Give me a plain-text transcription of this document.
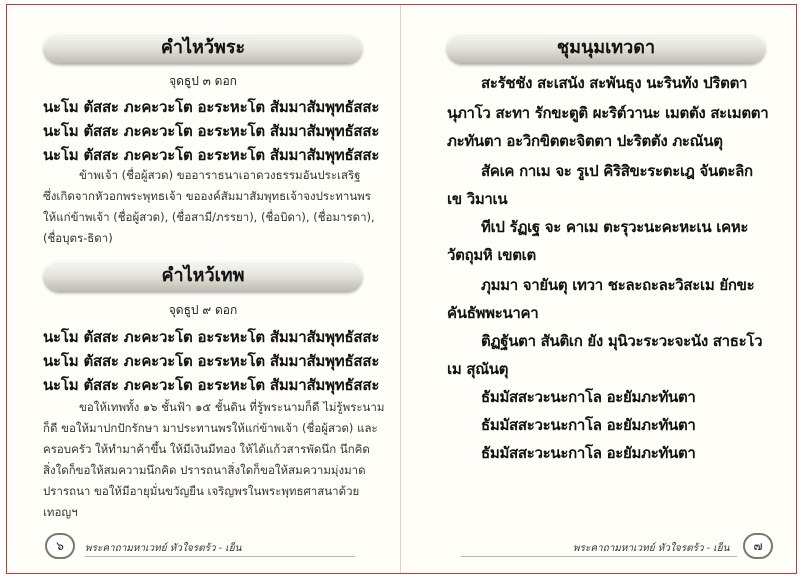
คำไหว้พระ
จุดธูป ๓ ดอก
นะโม ตัสสะ ภะคะวะโต อะระหะโต สัมมาสัมพุทธัสสะ
นะโม ตัสสะ ภะคะวะโต อะระหะโต สัมมาสัมพุทธัสสะ
นะโม ตัสสะ ภะคะวะโต อะระหะโต สัมมาสัมพุทธัสสะ
ข้าพเจ้า (ชื่อผู้สวด) ขออาราธนาเอาดวงธรรมอันประเสริฐ
ซึ่งเกิดจากหัวอกพระพุทธเจ้า ขอองค์สัมมาสัมพุทธเจ้าจงประทานพร
ให้แก่ข้าพเจ้า (ชื่อผู้สวด), (ชื่อสามี/ภรรยา), (ชื่อบิดา), (ชื่อมารดา),
(ชื่อบุตร-ธิดา)
คำไหว้เทพ
จุดธูป ๙ ดอก
นะโม ตัสสะ ภะคะวะโต อะระหะโต สัมมาสัมพุทธัสสะ
นะโม ตัสสะ ภะคะวะโต อะระหะโต สัมมาสัมพุทธัสสะ
นะโม ตัสสะ ภะคะวะโต อะระหะโต สัมมาสัมพุทธัสสะ
ขอให้เทพทั้ง ๑๖ ชั้นฟ้า ๑๕ ชั้นดิน ที่รู้พระนามก็ดี ไม่รู้พระนาม
ก็ดี ขอให้มาปกปักรักษา มาประทานพรให้แก่ข้าพเจ้า (ชื่อผู้สวด) และ
ครอบครัว ให้ทำมาค้าขึ้น ให้มีเงินมีทอง ให้ได้แก้วสารพัดนึก นึกคิด
สิ่งใดก็ขอให้สมความนึกคิด ปรารถนาสิ่งใดก็ขอให้สมความมุ่งมาด
ปรารถนา ขอให้มีอายุมั่นขวัญยืน เจริญพรในพระพุทธศาสนาด้วย
เทอญฯ
๖	พระคาถามหาเวทย์ หัวใจรตร้ว - เย็น
ชุมนุมเทวดา
สะรัชชัง สะเสนัง สะพันธุง นะรินทัง ปริตตา
นุภาโว สะทา รักขะตูติ ผะริต์วานะ เมตตัง สะเมตตา
ภะทันตา อะวิกขิตตะจิตตา ปะริตตัง ภะณันตุ
สัคเค กาเม จะ รูเป คิริสิขะระตะเฎ จันตะลิก
เข วิมาเน
ทีเป รัฏเฐ จะ คาเม ตะรุวะนะคะหะเน เคหะ
วัตถุมหิ เขตเต
ภุมมา จายันตุ เทวา ชะละถะละวิสะเม ยักขะ
คันธัพพะนาคา
ติฏฐันตา สันติเก ยัง มุนิวะระวะจะนัง สาธะโว
เม สุณันตุ
ธัมมัสสะวะนะกาโล อะยัมภะทันตา
ธัมมัสสะวะนะกาโล อะยัมภะทันตา
ธัมมัสสะวะนะกาโล อะยัมภะทันตา
พระคาถามหาเวทย์ หัวใจรตร้ว - เย็น	๗
